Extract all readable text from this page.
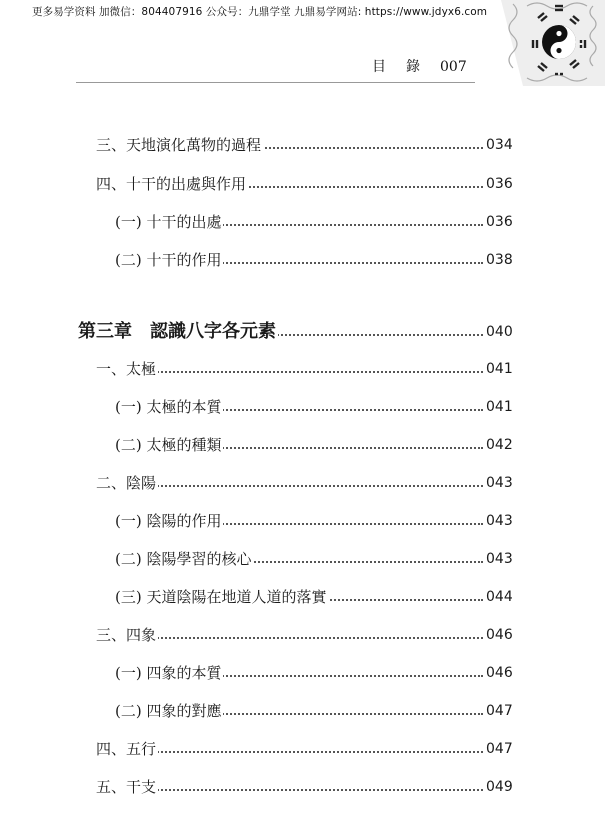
更多易学资料 加微信：804407916 公众号：九鼎学堂 九鼎易学网站: https://www.jdyx6.com
目 錄 007
三、天地演化萬物的過程	034
四、十干的出處與作用	036
(一) 十干的出處	036
(二) 十干的作用	038
第三章　認識八字各元素	040
一、太極	041
(一) 太極的本質	041
(二) 太極的種類	042
二、陰陽	043
(一) 陰陽的作用	043
(二) 陰陽學習的核心	043
(三) 天道陰陽在地道人道的落實	044
三、四象	046
(一) 四象的本質	046
(二) 四象的對應	047
四、五行	047
五、干支	049
